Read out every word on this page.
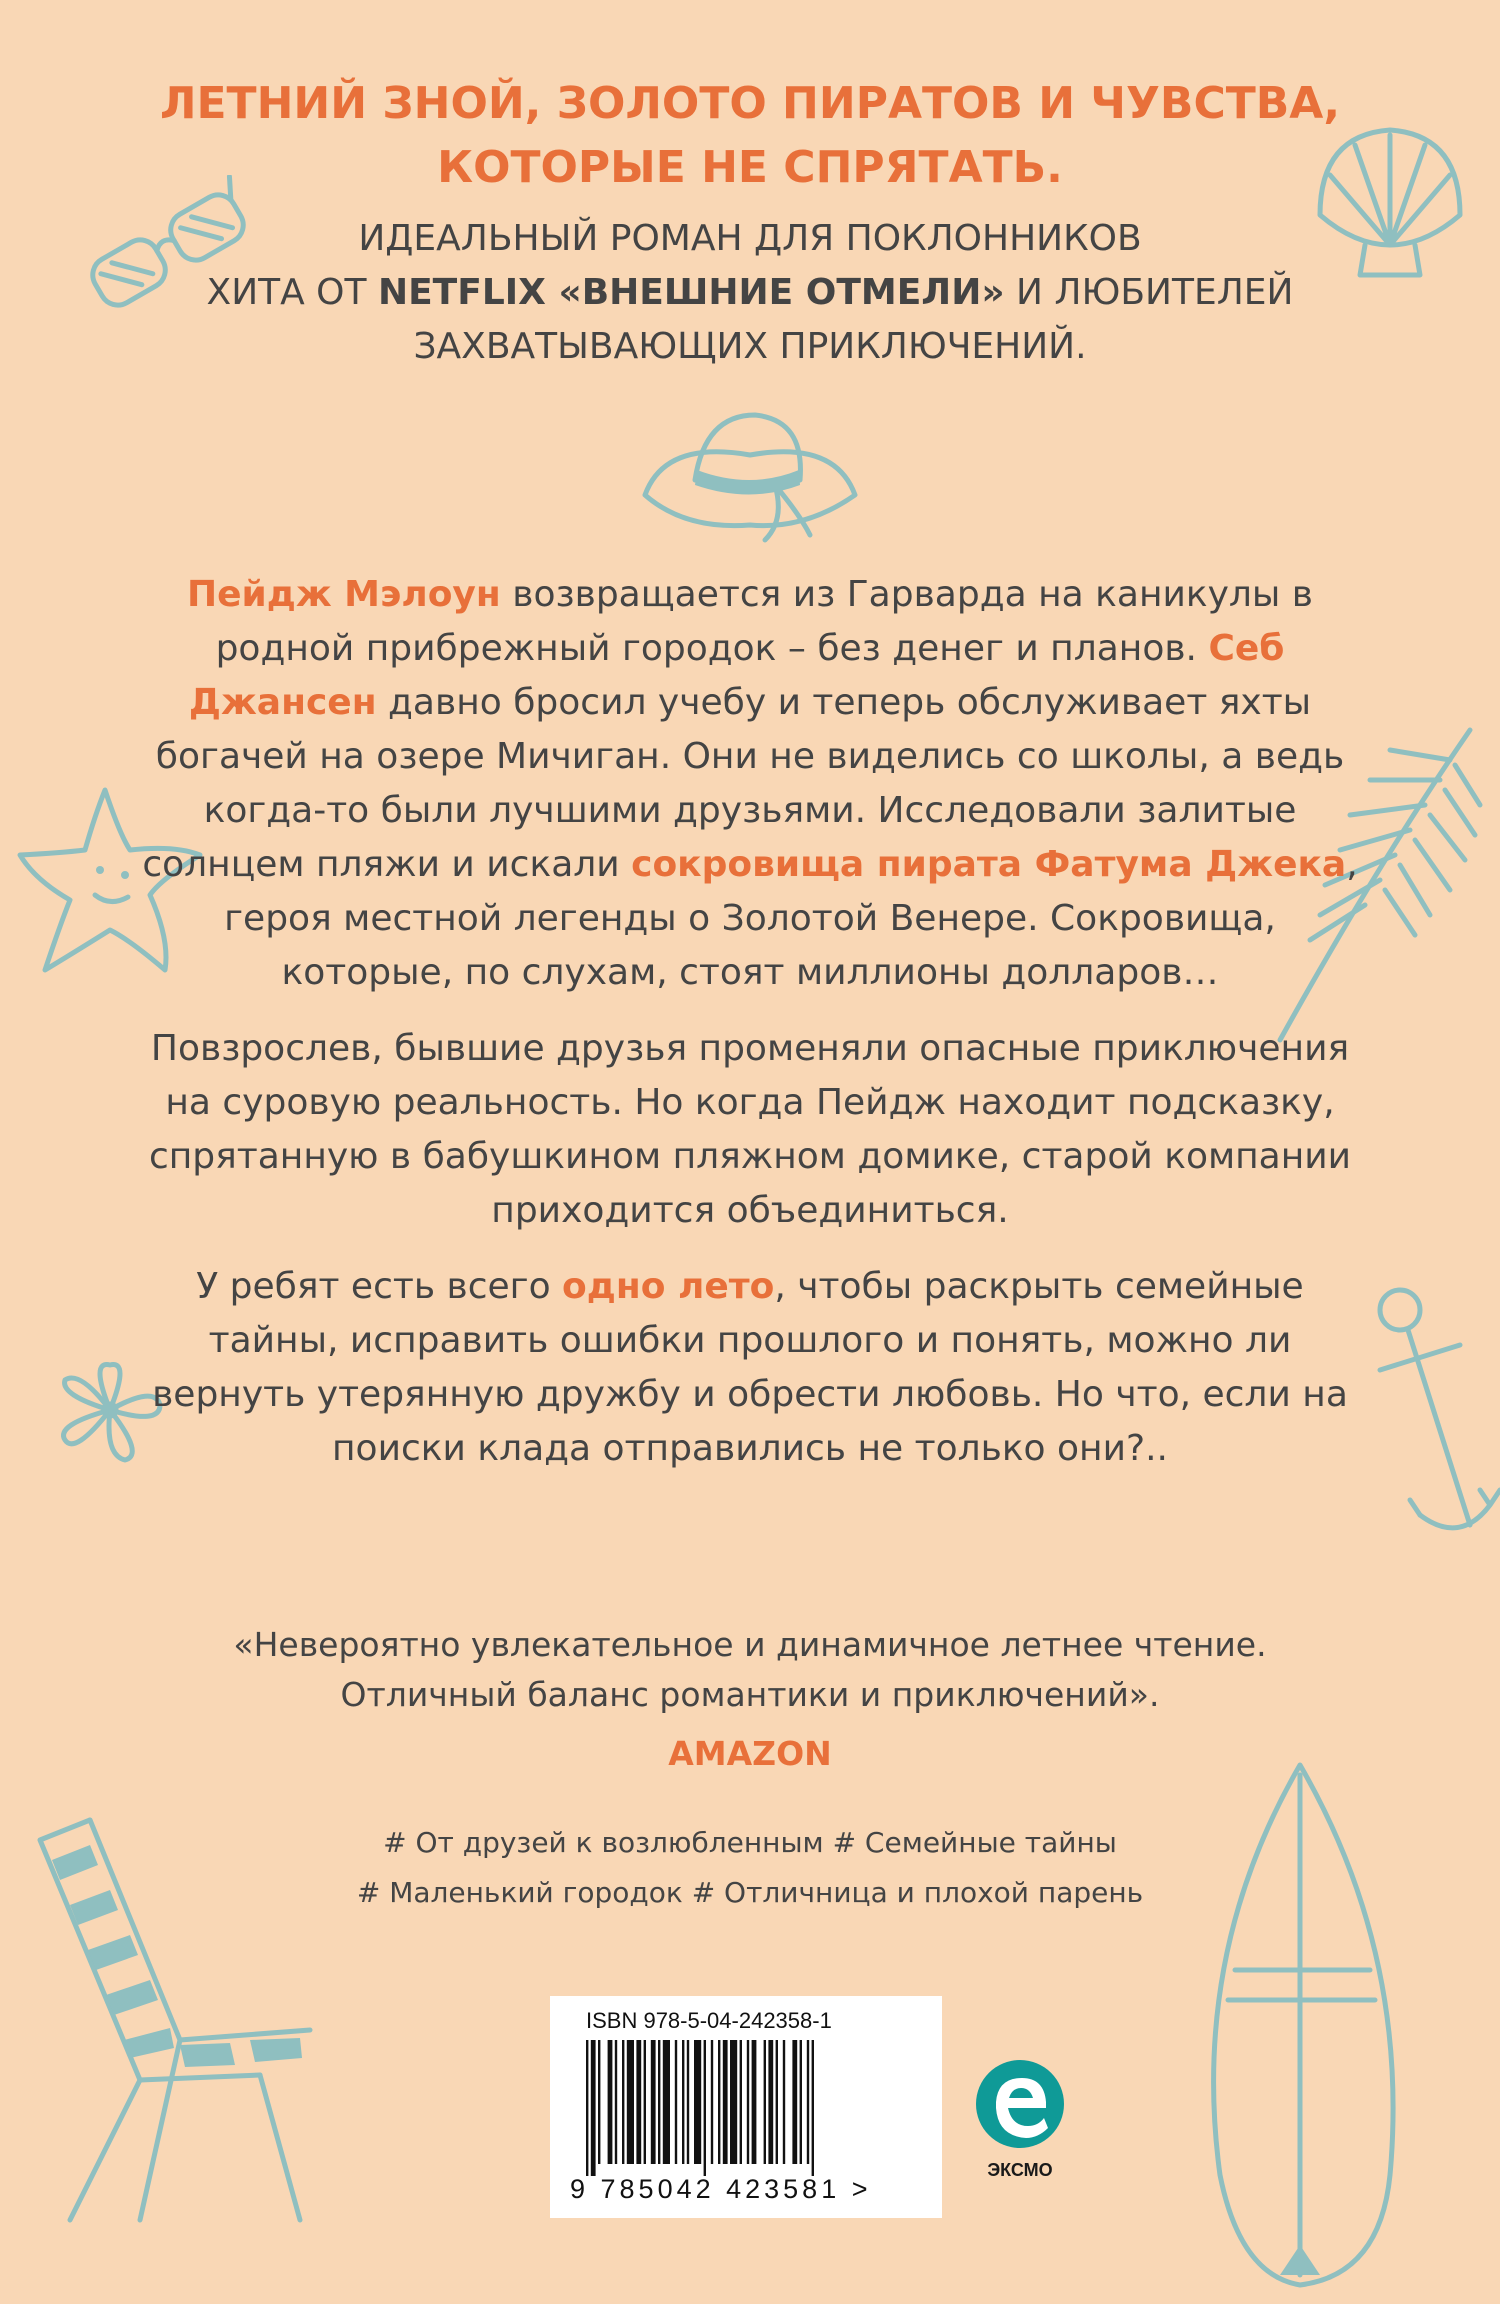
ЛЕТНИЙ ЗНОЙ, ЗОЛОТО ПИРАТОВ И ЧУВСТВА,
КОТОРЫЕ НЕ СПРЯТАТЬ.
ИДЕАЛЬНЫЙ РОМАН ДЛЯ ПОКЛОННИКОВ
ХИТА ОТ NETFLIX «ВНЕШНИЕ ОТМЕЛИ» И ЛЮБИТЕЛЕЙ
ЗАХВАТЫВАЮЩИХ ПРИКЛЮЧЕНИЙ.

Пейдж Мэлоун возвращается из Гарварда на каникулы в родной прибрежный городок – без денег и планов. Себ Джансен давно бросил учебу и теперь обслуживает яхты богачей на озере Мичиган. Они не виделись со школы, а ведь когда-то были лучшими друзьями. Исследовали залитые солнцем пляжи и искали сокровища пирата Фатума Джека, героя местной легенды о Золотой Венере. Сокровища, которые, по слухам, стоят миллионы долларов…

Повзрослев, бывшие друзья променяли опасные приключения на суровую реальность. Но когда Пейдж находит подсказку, спрятанную в бабушкином пляжном домике, старой компании приходится объединиться.

У ребят есть всего одно лето, чтобы раскрыть семейные тайны, исправить ошибки прошлого и понять, можно ли вернуть утерянную дружбу и обрести любовь. Но что, если на поиски клада отправились не только они?..

«Невероятно увлекательное и динамичное летнее чтение.
Отличный баланс романтики и приключений».
AMAZON
# От друзей к возлюбленным # Семейные тайны
# Маленький городок # Отличница и плохой парень
ISBN 978-5-04-242358-1
9 785042 423581 >
ЭКСМО
